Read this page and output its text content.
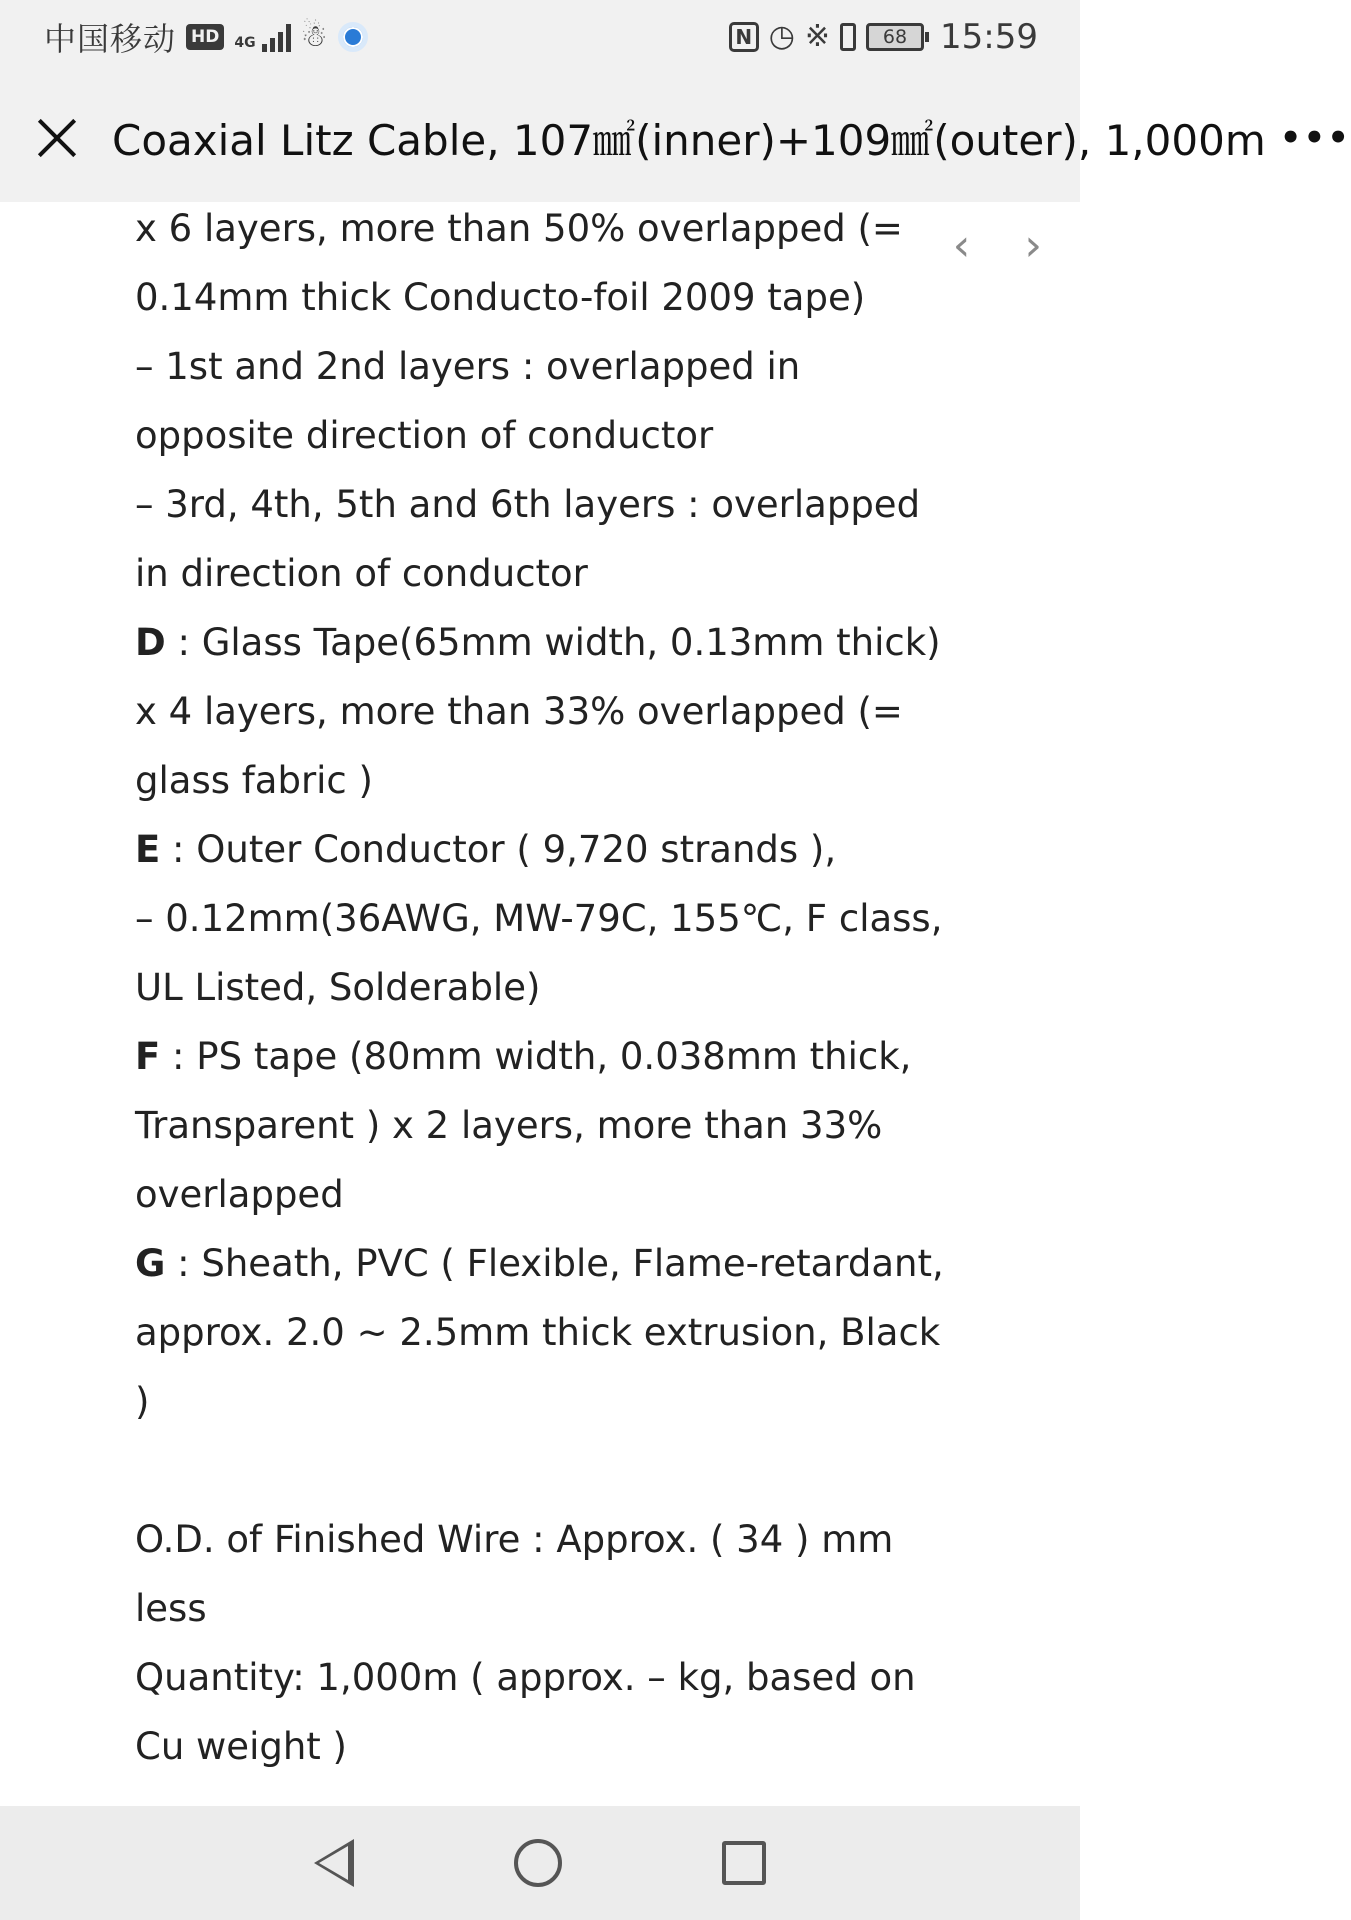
中国移动 HD	4G ☃	N ◷ ※	68 15:59
Coaxial Litz Cable, 107㎟(inner)+109㎟(outer), 1,000m •••
x 6 layers, more than 50% overlapped (=
0.14mm thick Conducto-foil 2009 tape)
– 1st and 2nd layers : overlapped in
opposite direction of conductor
– 3rd, 4th, 5th and 6th layers : overlapped
in direction of conductor
D : Glass Tape(65mm width, 0.13mm thick)
x 4 layers, more than 33% overlapped (=
glass fabric )
E : Outer Conductor ( 9,720 strands ),
– 0.12mm(36AWG, MW-79C, 155℃, F class,
UL Listed, Solderable)
F : PS tape (80mm width, 0.038mm thick,
Transparent ) x 2 layers, more than 33%
overlapped
G : Sheath, PVC ( Flexible, Flame-retardant,
approx. 2.0 ~ 2.5mm thick extrusion, Black
)
O.D. of Finished Wire : Approx. ( 34 ) mm
less
Quantity: 1,000m ( approx. – kg, based on
Cu weight )
‹ ›
